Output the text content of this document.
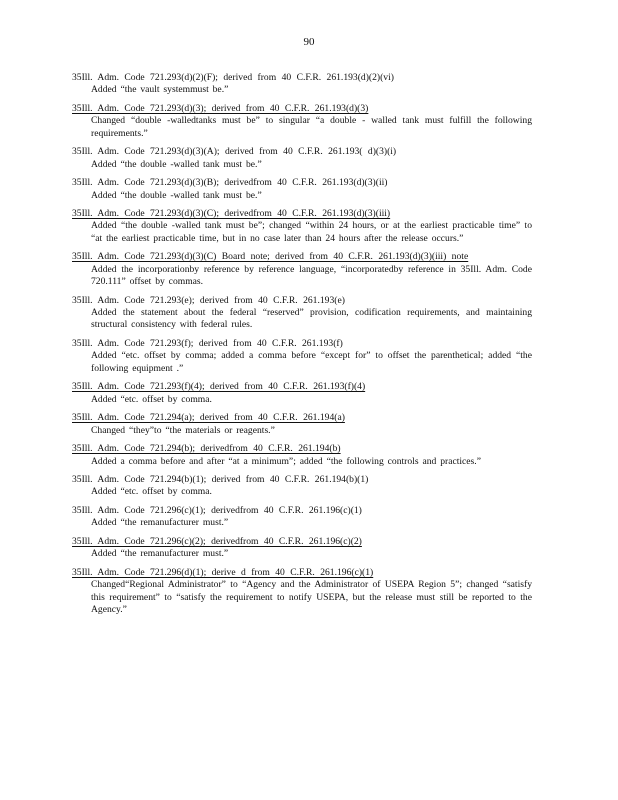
90
35Ill. Adm. Code 721.293(d)(2)(F); derived from 40 C.F.R. 261.193(d)(2)(vi)
Added “the vault systemmust be.”
35Ill. Adm. Code 721.293(d)(3); derived from 40 C.F.R. 261.193(d)(3)
Changed “double -walledtanks must be” to singular “a double - walled tank must fulfill the following requirements.”
35Ill. Adm. Code 721.293(d)(3)(A); derived from 40 C.F.R. 261.193( d)(3)(i)
Added “the double -walled tank must be.”
35Ill. Adm. Code 721.293(d)(3)(B); derivedfrom 40 C.F.R. 261.193(d)(3)(ii)
Added “the double -walled tank must be.”
35Ill. Adm. Code 721.293(d)(3)(C); derivedfrom 40 C.F.R. 261.193(d)(3)(iii)
Added “the double -walled tank must be”; changed “within 24 hours, or at the earliest practicable time” to “at the earliest practicable time, but in no case later than 24 hours after the release occurs.”
35Ill. Adm. Code 721.293(d)(3)(C) Board note; derived from 40 C.F.R. 261.193(d)(3)(iii) note
Added the incorporationby reference by reference language, “incorporatedby reference in 35Ill. Adm. Code 720.111” offset by commas.
35Ill. Adm. Code 721.293(e); derived from 40 C.F.R. 261.193(e)
Added the statement about the federal “reserved” provision, codification requirements, and maintaining structural consistency with federal rules.
35Ill. Adm. Code 721.293(f); derived from 40 C.F.R. 261.193(f)
Added “etc. offset by comma; added a comma before “except for” to offset the parenthetical; added “the following equipment .”
35Ill. Adm. Code 721.293(f)(4); derived from 40 C.F.R. 261.193(f)(4)
Added “etc. offset by comma.
35Ill. Adm. Code 721.294(a); derived from 40 C.F.R. 261.194(a)
Changed “they”to “the materials or reagents.”
35Ill. Adm. Code 721.294(b); derivedfrom 40 C.F.R. 261.194(b)
Added a comma before and after “at a minimum”; added “the following controls and practices.”
35Ill. Adm. Code 721.294(b)(1); derived from 40 C.F.R. 261.194(b)(1)
Added “etc. offset by comma.
35Ill. Adm. Code 721.296(c)(1); derivedfrom 40 C.F.R. 261.196(c)(1)
Added “the remanufacturer must.”
35Ill. Adm. Code 721.296(c)(2); derivedfrom 40 C.F.R. 261.196(c)(2)
Added “the remanufacturer must.”
35Ill. Adm. Code 721.296(d)(1); derive d from 40 C.F.R. 261.196(c)(1)
Changed“Regional Administrator” to “Agency and the Administrator of USEPA Region 5”; changed “satisfy this requirement” to “satisfy the requirement to notify USEPA, but the release must still be reported to the Agency.”
